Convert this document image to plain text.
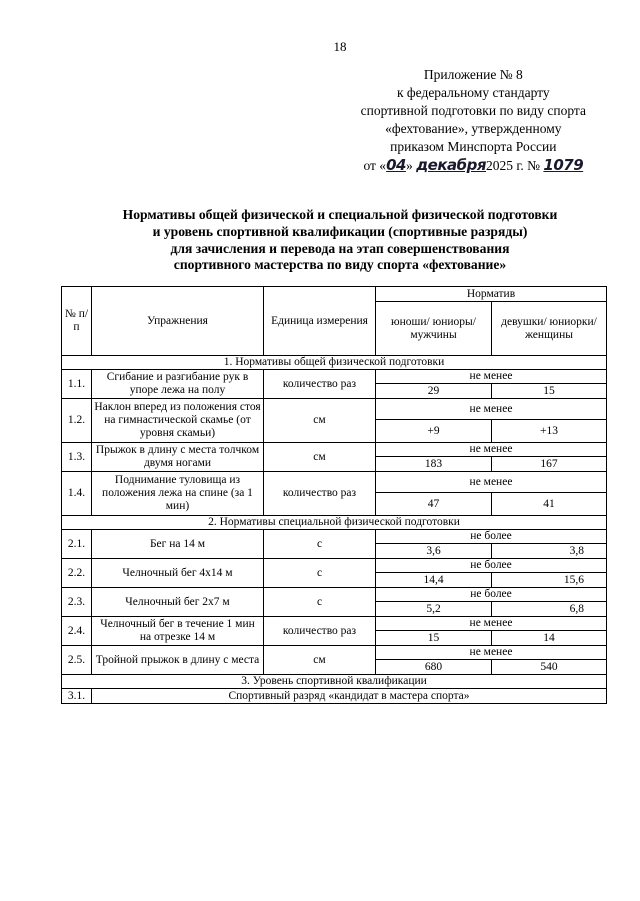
18
Приложение № 8
к федеральному стандарту
спортивной подготовки по виду спорта
«фехтование», утвержденному
приказом Минспорта России
от «04» декабря2025 г. № 1079
Нормативы общей физической и специальной физической подготовки
и уровень спортивной квалификации (спортивные разряды)
для зачисления и перевода на этап совершенствования
спортивного мастерства по виду спорта «фехтование»
№ п/п	Упражнения	Единица измерения	Норматив	
			юноши/ юниоры/ мужчины	девушки/ юниорки/ женщины
1. Нормативы общей физической подготовки				
1.1.	Сгибание и разгибание рук в упоре лежа на полу	количество раз	не менее	
			29	15
1.2.	Наклон вперед из положения стоя на гимнастической скамье (от уровня скамьи)	см	не менее	
			+9	+13
1.3.	Прыжок в длину с места толчком двумя ногами	см	не менее	
			183	167
1.4.	Поднимание туловища из положения лежа на спине (за 1 мин)	количество раз	не менее	
			47	41
2. Нормативы специальной физической подготовки				
2.1.	Бег на 14 м	с	не более	
			3,6	3,8
2.2.	Челночный бег 4х14 м	с	не более	
			14,4	15,6
2.3.	Челночный бег 2х7 м	с	не более	
			5,2	6,8
2.4.	Челночный бег в течение 1 мин на отрезке 14 м	количество раз	не менее	
			15	14
2.5.	Тройной прыжок в длину с места	см	не менее	
			680	540
3. Уровень спортивной квалификации				
3.1.	Спортивный разряд «кандидат в мастера спорта»			
